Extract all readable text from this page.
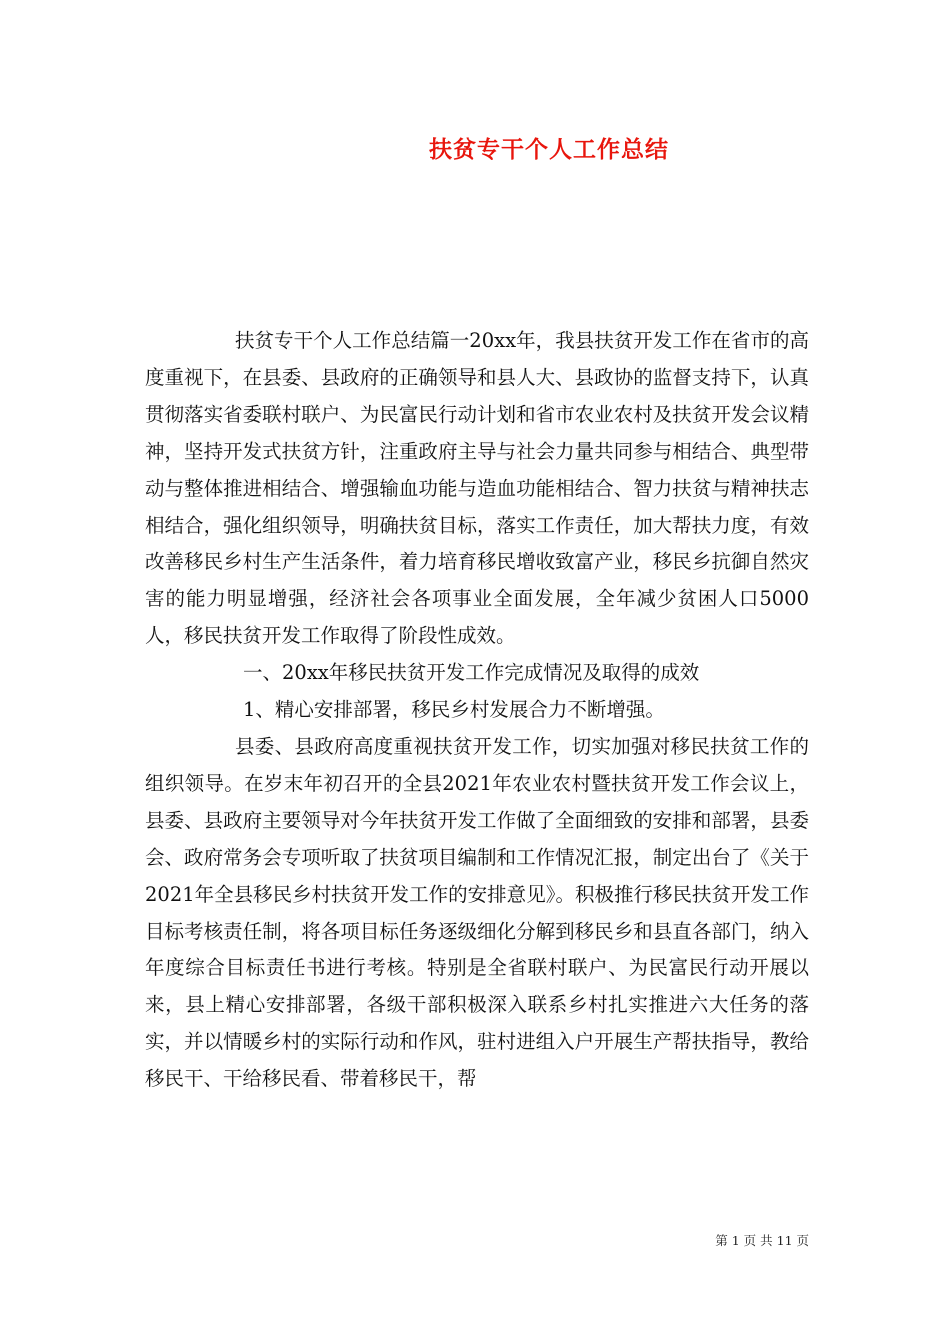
扶贫专干个人工作总结

扶贫专干个人工作总结篇一20xx年，我县扶贫开发工作在省市的高度重视下，在县委、县政府的正确领导和县人大、县政协的监督支持下，认真贯彻落实省委联村联户、为民富民行动计划和省市农业农村及扶贫开发会议精神，坚持开发式扶贫方针，注重政府主导与社会力量共同参与相结合、典型带动与整体推进相结合、增强输血功能与造血功能相结合、智力扶贫与精神扶志相结合，强化组织领导，明确扶贫目标，落实工作责任，加大帮扶力度，有效改善移民乡村生产生活条件，着力培育移民增收致富产业，移民乡抗御自然灾害的能力明显增强，经济社会各项事业全面发展，全年减少贫困人口5000人，移民扶贫开发工作取得了阶段性成效。

一、20xx年移民扶贫开发工作完成情况及取得的成效

1、精心安排部署，移民乡村发展合力不断增强。

县委、县政府高度重视扶贫开发工作，切实加强对移民扶贫工作的组织领导。在岁末年初召开的全县2021年农业农村暨扶贫开发工作会议上，县委、县政府主要领导对今年扶贫开发工作做了全面细致的安排和部署，县委会、政府常务会专项听取了扶贫项目编制和工作情况汇报，制定出台了《关于2021年全县移民乡村扶贫开发工作的安排意见》。积极推行移民扶贫开发工作目标考核责任制，将各项目标任务逐级细化分解到移民乡和县直各部门，纳入年度综合目标责任书进行考核。特别是全省联村联户、为民富民行动开展以来，县上精心安排部署，各级干部积极深入联系乡村扎实推进六大任务的落实，并以情暖乡村的实际行动和作风，驻村进组入户开展生产帮扶指导，教给移民干、干给移民看、带着移民干，帮

第 1 页 共 11 页
